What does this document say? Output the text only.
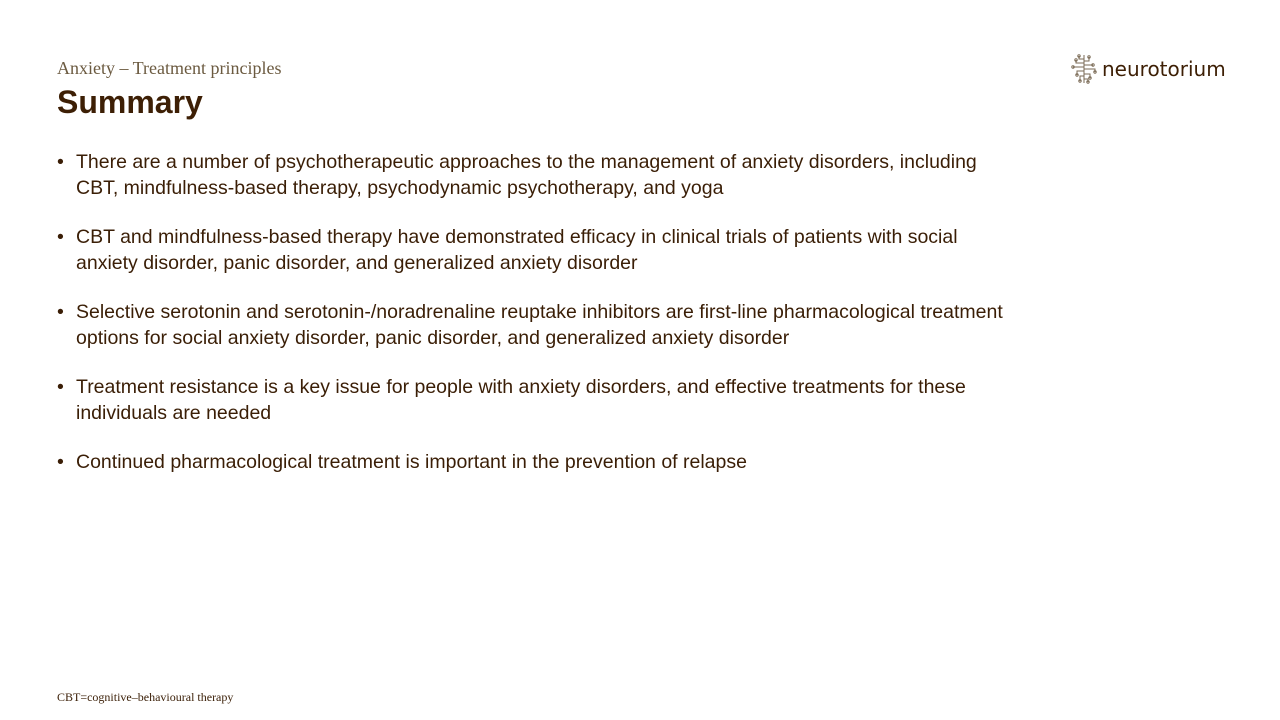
Anxiety – Treatment principles
Summary
neurotorium
• There are a number of psychotherapeutic approaches to the management of anxiety disorders, including CBT, mindfulness-based therapy, psychodynamic psychotherapy, and yoga
• CBT and mindfulness-based therapy have demonstrated efficacy in clinical trials of patients with social anxiety disorder, panic disorder, and generalized anxiety disorder
• Selective serotonin and serotonin-/noradrenaline reuptake inhibitors are first-line pharmacological treatment options for social anxiety disorder, panic disorder, and generalized anxiety disorder
• Treatment resistance is a key issue for people with anxiety disorders, and effective treatments for these individuals are needed
• Continued pharmacological treatment is important in the prevention of relapse
CBT=cognitive–behavioural therapy
